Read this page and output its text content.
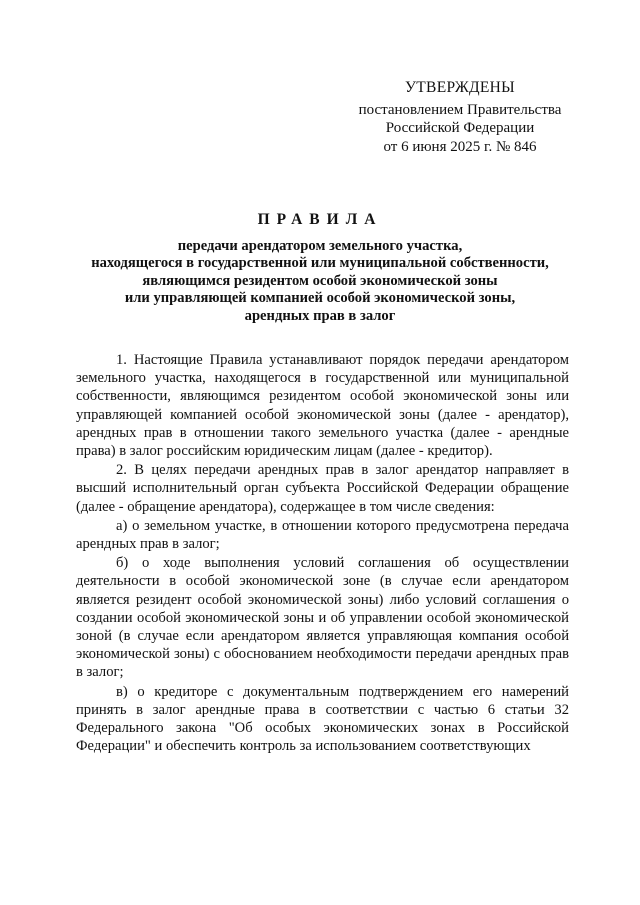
УТВЕРЖДЕНЫ
постановлением Правительства
Российской Федерации
от 6 июня 2025 г. № 846
ПРАВИЛА
передачи арендатором земельного участка,
находящегося в государственной или муниципальной собственности,
являющимся резидентом особой экономической зоны
или управляющей компанией особой экономической зоны,
арендных прав в залог

1. Настоящие Правила устанавливают порядок передачи арендатором земельного участка, находящегося в государственной или муниципальной собственности, являющимся резидентом особой экономической зоны или управляющей компанией особой экономической зоны (далее - арендатор), арендных прав в отношении такого земельного участка (далее - арендные права) в залог российским юридическим лицам (далее - кредитор).

2. В целях передачи арендных прав в залог арендатор направляет в высший исполнительный орган субъекта Российской Федерации обращение (далее - обращение арендатора), содержащее в том числе сведения:

а) о земельном участке, в отношении которого предусмотрена передача арендных прав в залог;

б) о ходе выполнения условий соглашения об осуществлении деятельности в особой экономической зоне (в случае если арендатором является резидент особой экономической зоны) либо условий соглашения о создании особой экономической зоны и об управлении особой экономической зоной (в случае если арендатором является управляющая компания особой экономической зоны) с обоснованием необходимости передачи арендных прав в залог;

в) о кредиторе с документальным подтверждением его намерений принять в залог арендные права в соответствии с частью 6 статьи 32 Федерального закона "Об особых экономических зонах в Российской Федерации" и обеспечить контроль за использованием соответствующих
